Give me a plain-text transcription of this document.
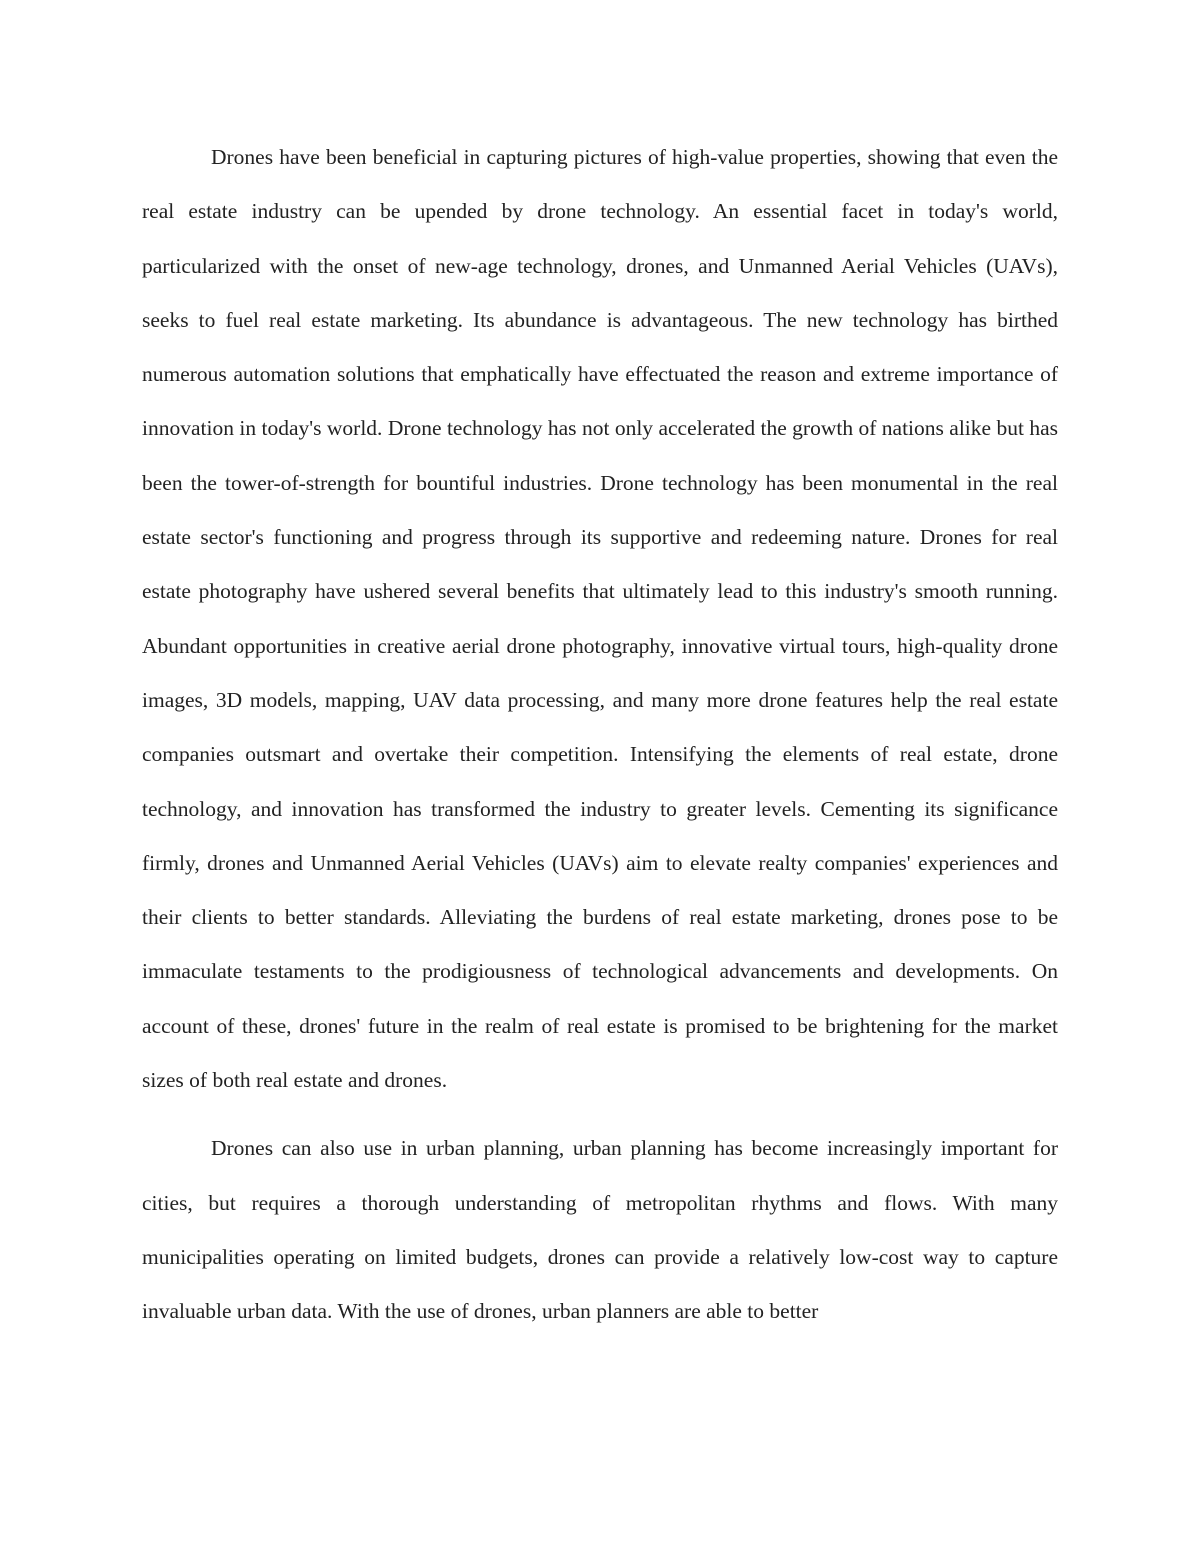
Drones have been beneficial in capturing pictures of high-value properties, showing that even the real estate industry can be upended by drone technology. An essential facet in today's world, particularized with the onset of new-age technology, drones, and Unmanned Aerial Vehicles (UAVs), seeks to fuel real estate marketing. Its abundance is advantageous. The new technology has birthed numerous automation solutions that emphatically have effectuated the reason and extreme importance of innovation in today's world. Drone technology has not only accelerated the growth of nations alike but has been the tower-of-strength for bountiful industries. Drone technology has been monumental in the real estate sector's functioning and progress through its supportive and redeeming nature. Drones for real estate photography have ushered several benefits that ultimately lead to this industry's smooth running. Abundant opportunities in creative aerial drone photography, innovative virtual tours, high-quality drone images, 3D models, mapping, UAV data processing, and many more drone features help the real estate companies outsmart and overtake their competition. Intensifying the elements of real estate, drone technology, and innovation has transformed the industry to greater levels. Cementing its significance firmly, drones and Unmanned Aerial Vehicles (UAVs) aim to elevate realty companies' experiences and their clients to better standards. Alleviating the burdens of real estate marketing, drones pose to be immaculate testaments to the prodigiousness of technological advancements and developments. On account of these, drones' future in the realm of real estate is promised to be brightening for the market sizes of both real estate and drones.

Drones can also use in urban planning, urban planning has become increasingly important for cities, but requires a thorough understanding of metropolitan rhythms and flows. With many municipalities operating on limited budgets, drones can provide a relatively low-cost way to capture invaluable urban data. With the use of drones, urban planners are able to better
